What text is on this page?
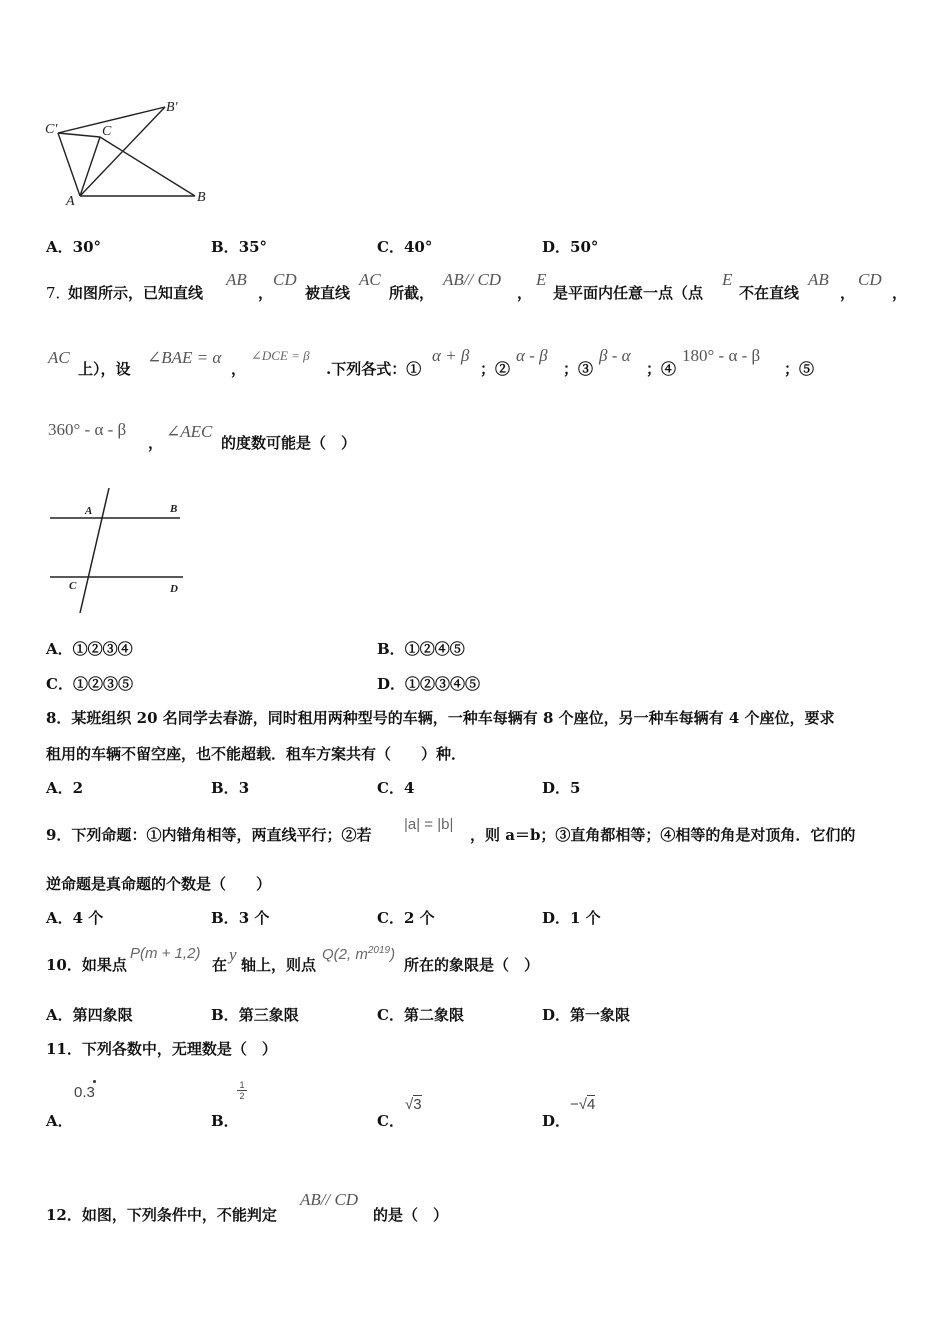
C′	C
B′
A	B
A．30°	B．35°	C．40°	D．50°
7．
如图所示，已知直线
AB
，
CD
被直线
AC
所截，
AB// CD
，
E
是平面内任意一点（点
E
不在直线
AB
，
CD
，
AC
上），设
∠BAE = α
，
∠DCE = β
.下列各式：①
α + β
；②
α - β
；③
β - α
；④
180° - α - β
；⑤
360° - α - β
，
∠AEC
的度数可能是（　）
A	B
C	D
A．①②③④	B．①②④⑤
C．①②③⑤	D．①②③④⑤
8．某班组织 20 名同学去春游，同时租用两种型号的车辆，一种车每辆有 8 个座位，另一种车每辆有 4 个座位，要求
租用的车辆不留空座，也不能超载．租车方案共有（　　）种．
A．2	B．3	C．4	D．5
9．下列命题：①内错角相等，两直线平行；②若
|a| = |b|
，则 a＝b；③直角都相等；④相等的角是对顶角．它们的
逆命题是真命题的个数是（　　）
A．4 个	B．3 个	C．2 个	D．1 个
10．如果点
P(m + 1,2)
在
y
轴上，则点
Q(2, $m^{2019}$)
所在的象限是（　）
A．第四象限	B．第三象限	C．第二象限	D．第一象限
11．下列各数中，无理数是（　）
A．
0.3
B．
1
2
C．
√3
D．
−√4
12．如图，下列条件中，不能判定
AB// CD
的是（　）
